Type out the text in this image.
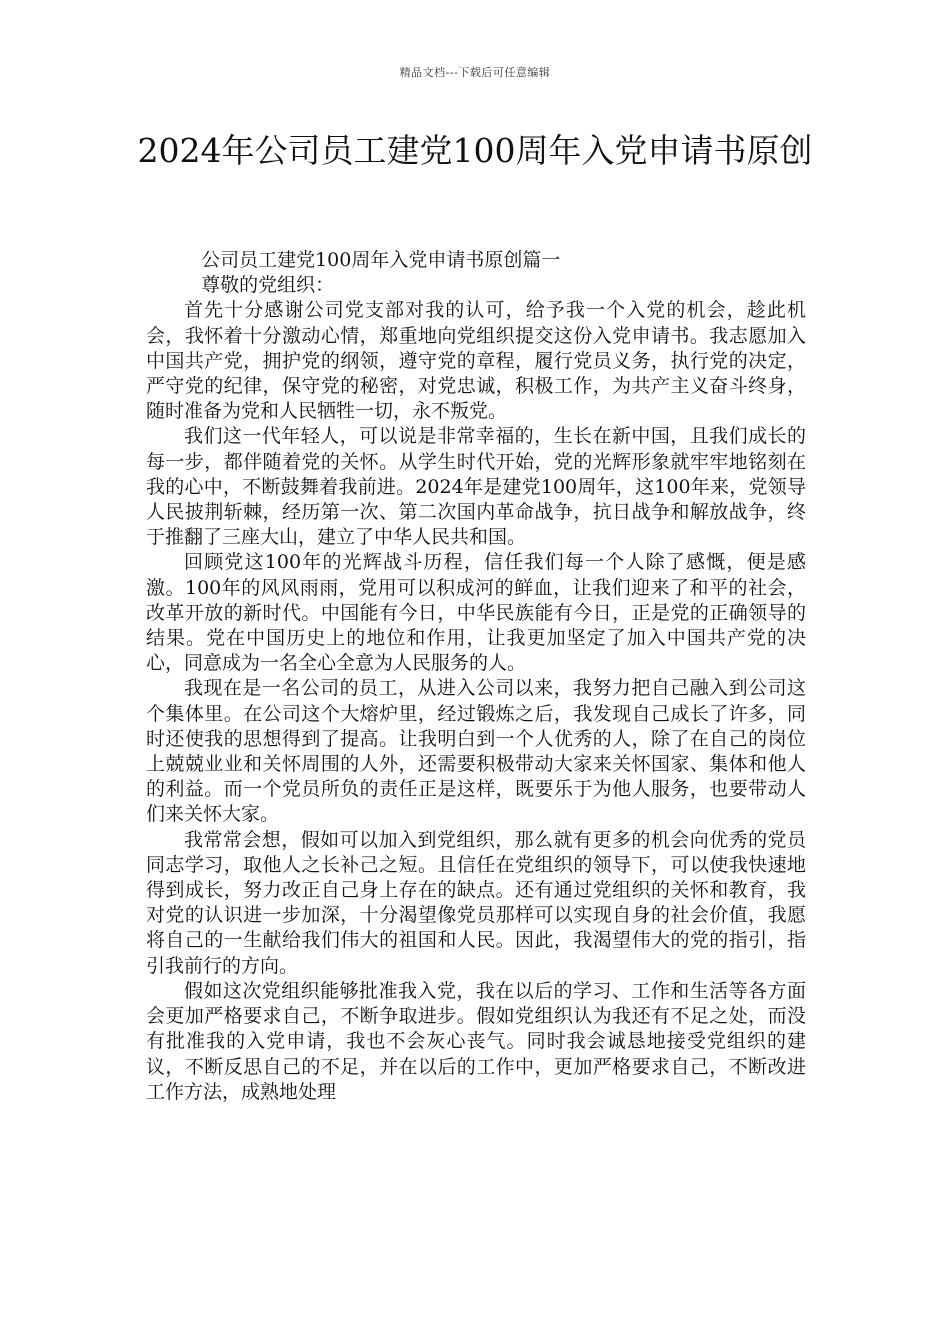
精品文档---下载后可任意编辑
2024年公司员工建党100周年入党申请书原创

公司员工建党100周年入党申请书原创篇一

尊敬的党组织：

首先十分感谢公司党支部对我的认可，给予我一个入党的机会，趁此机会，我怀着十分激动心情，郑重地向党组织提交这份入党申请书。我志愿加入中国共产党，拥护党的纲领，遵守党的章程，履行党员义务，执行党的决定，严守党的纪律，保守党的秘密，对党忠诚，积极工作，为共产主义奋斗终身，随时准备为党和人民牺牲一切，永不叛党。

我们这一代年轻人，可以说是非常幸福的，生长在新中国，且我们成长的每一步，都伴随着党的关怀。从学生时代开始，党的光辉形象就牢牢地铭刻在我的心中，不断鼓舞着我前进。2024年是建党100周年，这100年来，党领导人民披荆斩棘，经历第一次、第二次国内革命战争，抗日战争和解放战争，终于推翻了三座大山，建立了中华人民共和国。

回顾党这100年的光辉战斗历程，信任我们每一个人除了感慨，便是感激。100年的风风雨雨，党用可以积成河的鲜血，让我们迎来了和平的社会，改革开放的新时代。中国能有今日，中华民族能有今日，正是党的正确领导的结果。党在中国历史上的地位和作用，让我更加坚定了加入中国共产党的决心，同意成为一名全心全意为人民服务的人。

我现在是一名公司的员工，从进入公司以来，我努力把自己融入到公司这个集体里。在公司这个大熔炉里，经过锻炼之后，我发现自己成长了许多，同时还使我的思想得到了提高。让我明白到一个人优秀的人，除了在自己的岗位上兢兢业业和关怀周围的人外，还需要积极带动大家来关怀国家、集体和他人的利益。而一个党员所负的责任正是这样，既要乐于为他人服务，也要带动人们来关怀大家。

我常常会想，假如可以加入到党组织，那么就有更多的机会向优秀的党员同志学习，取他人之长补己之短。且信任在党组织的领导下，可以使我快速地得到成长，努力改正自己身上存在的缺点。还有通过党组织的关怀和教育，我对党的认识进一步加深，十分渴望像党员那样可以实现自身的社会价值，我愿将自己的一生献给我们伟大的祖国和人民。因此，我渴望伟大的党的指引，指引我前行的方向。

假如这次党组织能够批准我入党，我在以后的学习、工作和生活等各方面会更加严格要求自己，不断争取进步。假如党组织认为我还有不足之处，而没有批准我的入党申请，我也不会灰心丧气。同时我会诚恳地接受党组织的建议，不断反思自己的不足，并在以后的工作中，更加严格要求自己，不断改进工作方法，成熟地处理
